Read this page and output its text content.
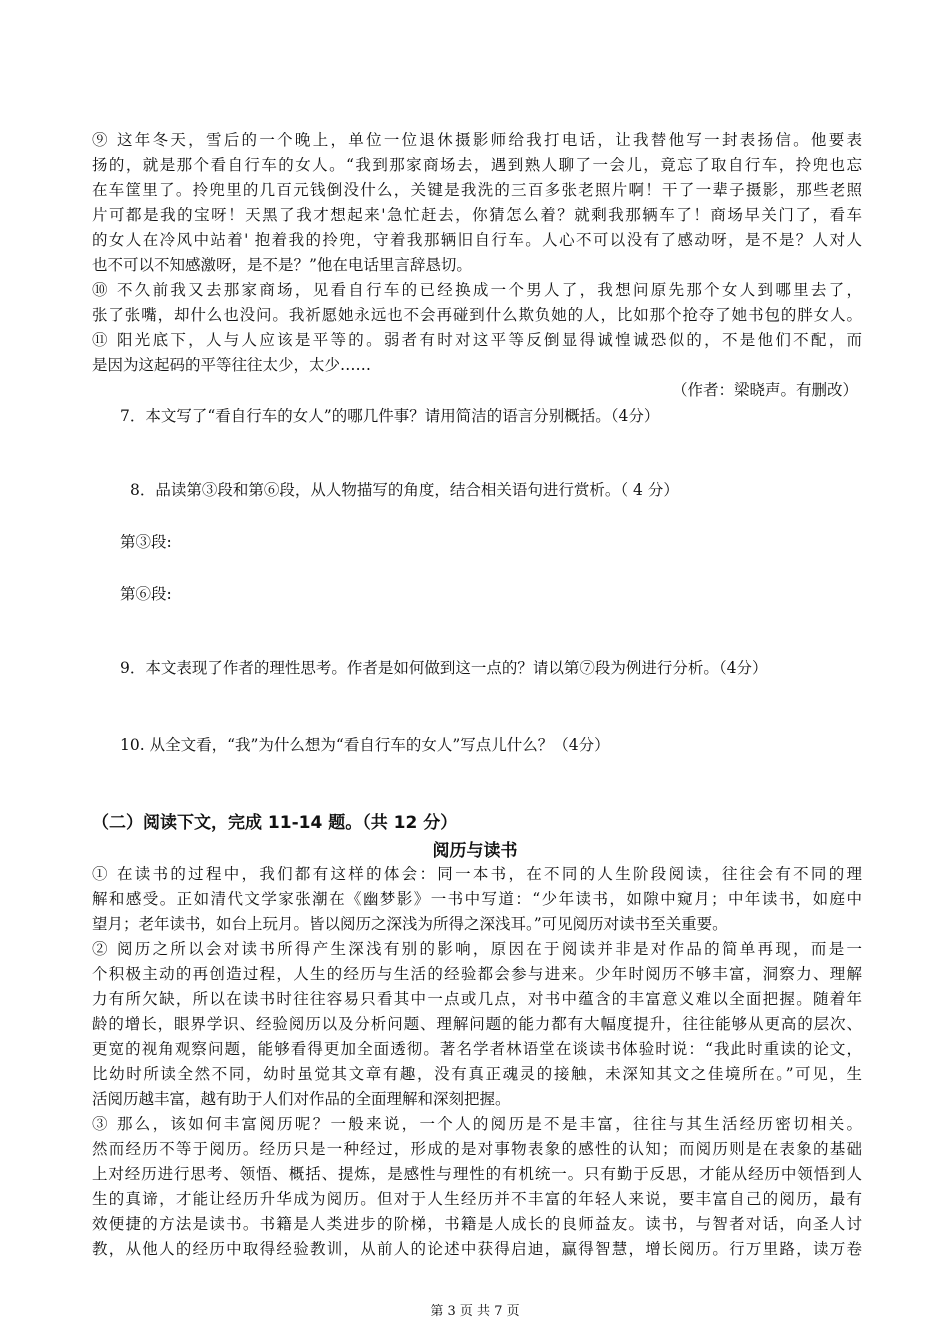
⑨ 这年冬天，雪后的一个晚上，单位一位退休摄影师给我打电话，让我替他写一封表扬信。他要表
扬的，就是那个看自行车的女人。“我到那家商场去，遇到熟人聊了一会儿，竟忘了取自行车，拎兜也忘
在车筐里了。拎兜里的几百元钱倒没什么，关键是我洗的三百多张老照片啊！干了一辈子摄影，那些老照
片可都是我的宝呀！天黑了我才想起来'急忙赶去，你猜怎么着？就剩我那辆车了！商场早关门了，看车
的女人在冷风中站着' 抱着我的拎兜，守着我那辆旧自行车。人心不可以没有了感动呀，是不是？人对人
也不可以不知感激呀，是不是？”他在电话里言辞恳切。
⑩ 不久前我又去那家商场，见看自行车的已经换成一个男人了，我想问原先那个女人到哪里去了，
张了张嘴，却什么也没问。我祈愿她永远也不会再碰到什么欺负她的人，比如那个抢夺了她书包的胖女人。
⑪ 阳光底下，人与人应该是平等的。弱者有时对这平等反倒显得诚惶诚恐似的，不是他们不配，而
是因为这起码的平等往往太少，太少……
（作者：梁晓声。有删改）
7．本文写了“看自行车的女人”的哪几件事？请用简洁的语言分别概括。（4分）
8．品读第③段和第⑥段，从人物描写的角度，结合相关语句进行赏析。（ 4 分）
第③段:
第⑥段:
9．本文表现了作者的理性思考。作者是如何做到这一点的？请以第⑦段为例进行分析。（4分）
10. 从全文看，“我”为什么想为“看自行车的女人”写点儿什么？（4分）
（二）阅读下文，完成 11-14 题。（共 12 分）
阅历与读书
① 在读书的过程中，我们都有这样的体会：同一本书，在不同的人生阶段阅读，往往会有不同的理
解和感受。正如清代文学家张潮在《幽梦影》一书中写道：“少年读书，如隙中窥月；中年读书，如庭中
望月；老年读书，如台上玩月。皆以阅历之深浅为所得之深浅耳。”可见阅历对读书至关重要。
② 阅历之所以会对读书所得产生深浅有别的影响，原因在于阅读并非是对作品的简单再现，而是一
个积极主动的再创造过程，人生的经历与生活的经验都会参与进来。少年时阅历不够丰富，洞察力、理解
力有所欠缺，所以在读书时往往容易只看其中一点或几点，对书中蕴含的丰富意义难以全面把握。随着年
龄的增长，眼界学识、经验阅历以及分析问题、理解问题的能力都有大幅度提升，往往能够从更高的层次、
更宽的视角观察问题，能够看得更加全面透彻。著名学者林语堂在谈读书体验时说：“我此时重读的论文，
比幼时所读全然不同，幼时虽觉其文章有趣，没有真正魂灵的接触，未深知其文之佳境所在。”可见，生
活阅历越丰富，越有助于人们对作品的全面理解和深刻把握。
③ 那么，该如何丰富阅历呢？一般来说，一个人的阅历是不是丰富，往往与其生活经历密切相关。
然而经历不等于阅历。经历只是一种经过，形成的是对事物表象的感性的认知；而阅历则是在表象的基础
上对经历进行思考、领悟、概括、提炼，是感性与理性的有机统一。只有勤于反思，才能从经历中领悟到人
生的真谛，才能让经历升华成为阅历。但对于人生经历并不丰富的年轻人来说，要丰富自己的阅历，最有
效便捷的方法是读书。书籍是人类进步的阶梯，书籍是人成长的良师益友。读书，与智者对话，向圣人讨
教，从他人的经历中取得经验教训，从前人的论述中获得启迪，赢得智慧，增长阅历。行万里路，读万卷
第 3 页 共 7 页
